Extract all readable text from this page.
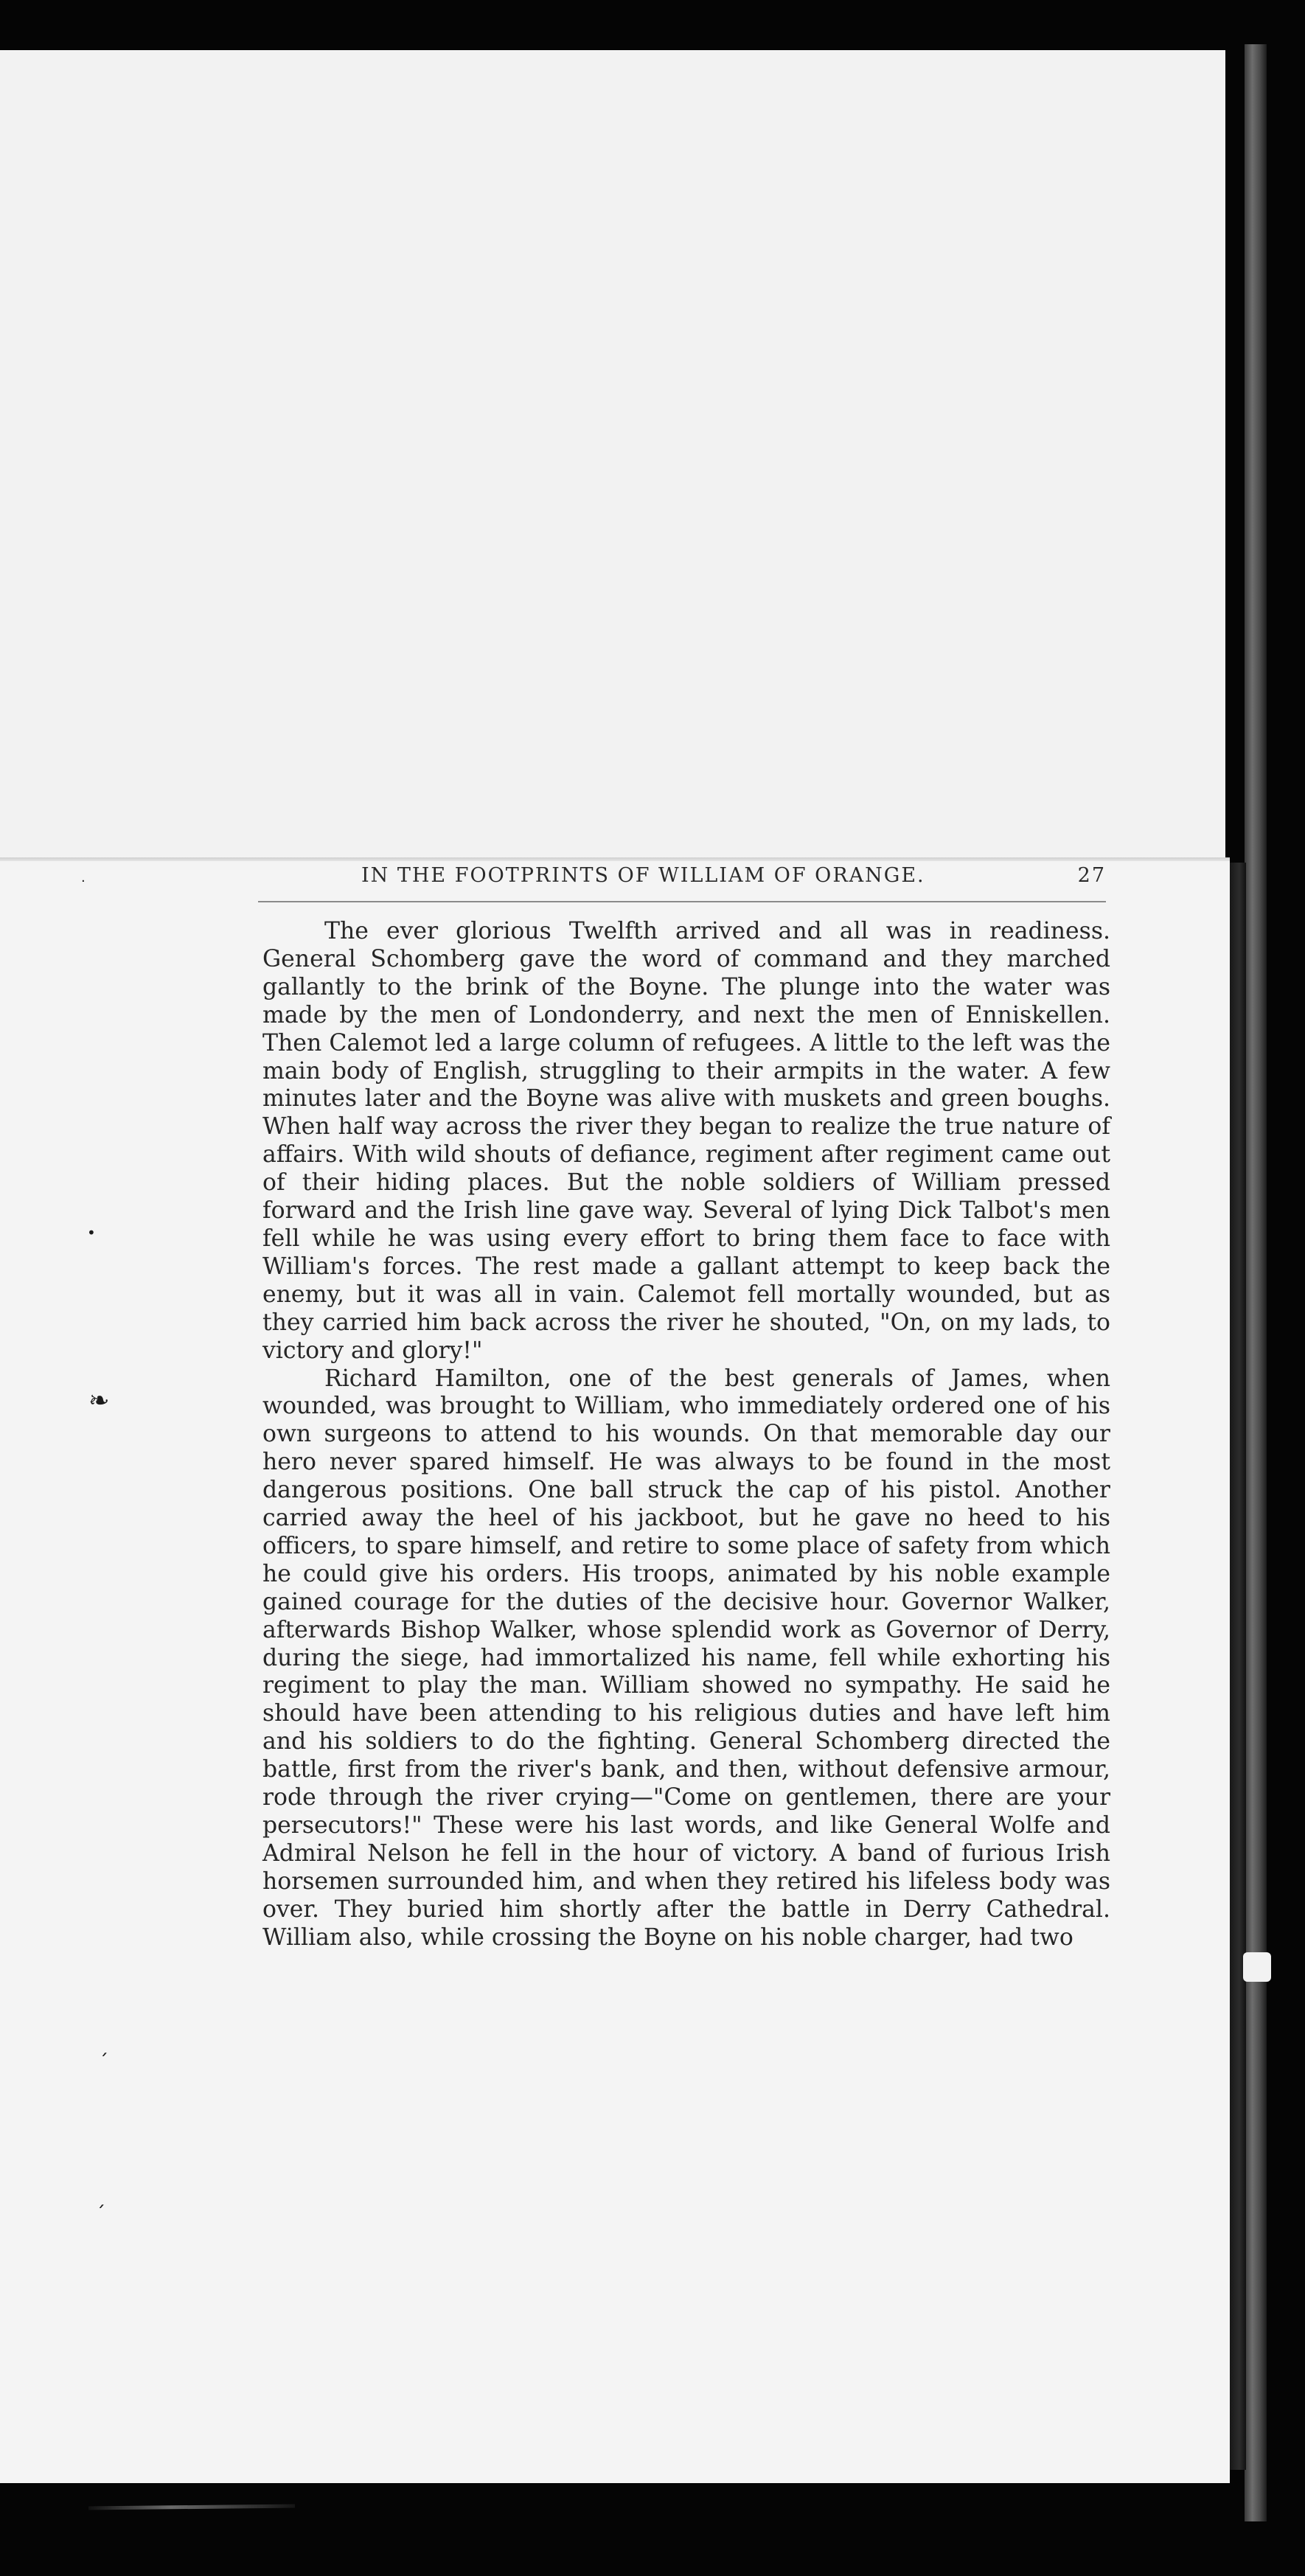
IN THE FOOTPRINTS OF WILLIAM OF ORANGE.	27

The ever glorious Twelfth arrived and all was in readiness. General Schomberg gave the word of command and they marched gallantly to the brink of the Boyne. The plunge into the water was made by the men of Londonderry, and next the men of Enniskellen. Then Calemot led a large column of refugees. A little to the left was the main body of English, struggling to their armpits in the water. A few minutes later and the Boyne was alive with muskets and green boughs. When half way across the river they began to realize the true nature of affairs. With wild shouts of defiance, regiment after regiment came out of their hiding places. But the noble soldiers of William pressed forward and the Irish line gave way. Several of lying Dick Talbot's men fell while he was using every effort to bring them face to face with William's forces. The rest made a gallant attempt to keep back the enemy, but it was all in vain. Calemot fell mortally wounded, but as they carried him back across the river he shouted, "On, on my lads, to victory and glory!"

Richard Hamilton, one of the best generals of James, when wounded, was brought to William, who immediately ordered one of his own surgeons to attend to his wounds. On that memorable day our hero never spared himself. He was always to be found in the most dangerous positions. One ball struck the cap of his pistol. Another carried away the heel of his jackboot, but he gave no heed to his officers, to spare himself, and retire to some place of safety from which he could give his orders. His troops, animated by his noble example gained courage for the duties of the decisive hour. Governor Walker, afterwards Bishop Walker, whose splendid work as Governor of Derry, during the siege, had immortalized his name, fell while exhorting his regiment to play the man. William showed no sympathy. He said he should have been attending to his religious duties and have left him and his soldiers to do the fighting. General Schomberg directed the battle, first from the river's bank, and then, without defensive armour, rode through the river crying—"Come on gentlemen, there are your persecutors!" These were his last words, and like General Wolfe and Admiral Nelson he fell in the hour of victory. A band of furious Irish horsemen surrounded him, and when they retired his lifeless body was over. They buried him shortly after the battle in Derry Cathedral. William also, while crossing the Boyne on his noble charger, had two

•
❧
ˏ
ˏ
·
